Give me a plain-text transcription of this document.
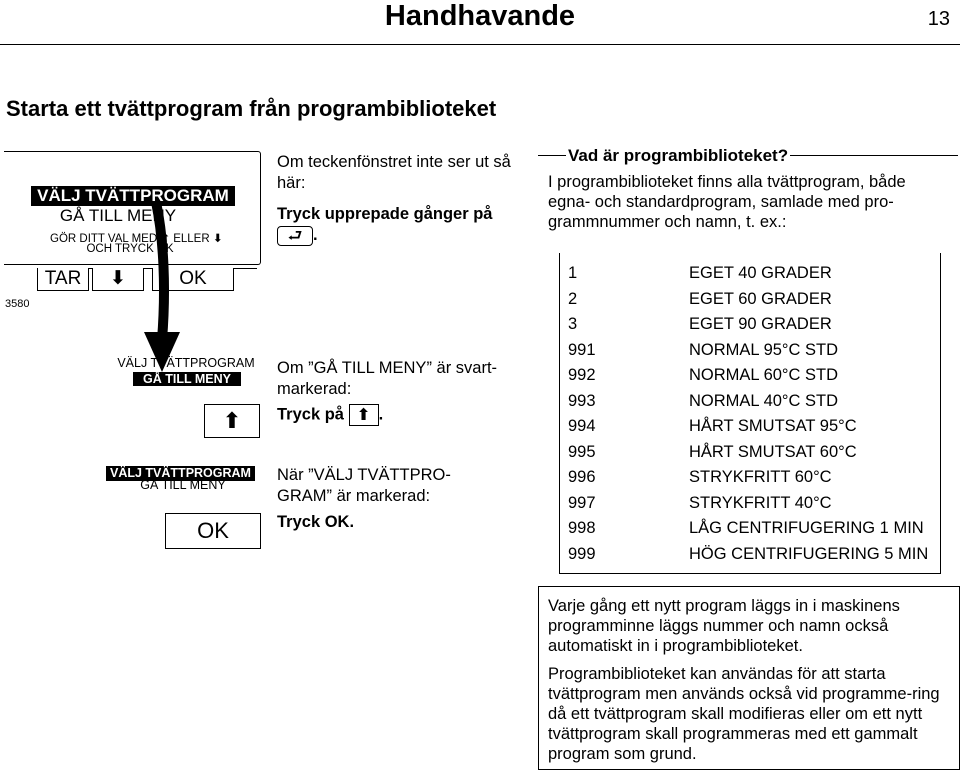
Handhavande	13
Starta ett tvättprogram från programbiblioteket
VÄLJ TVÄTTPROGRAM
GÅ TILL MENY
GÖR DITT VAL MED ⬆ ELLER ⬇
OCH TRYCK OK
3580
TAR	⬇	OK
VÄLJ TVÄTTPROGRAM
GÅ TILL MENY
⬆
VÄLJ TVÄTTPROGRAM
GÅ TILL MENY
OK
Om teckenfönstret inte ser ut så här:
Tryck upprepade gånger på ⮐ .
Om ”GÅ TILL MENY” är svart-markerad:
Tryck på ⬆ .
När ”VÄLJ TVÄTTPRO-GRAM” är markerad:
Tryck OK.
Vad är programbiblioteket?
I programbiblioteket finns alla tvättprogram, både egna- och standardprogram, samlade med pro-grammnummer och namn, t. ex.:
1	EGET 40 GRADER
2	EGET 60 GRADER
3	EGET 90 GRADER
991	NORMAL 95°C STD
992	NORMAL 60°C STD
993	NORMAL 40°C STD
994	HÅRT SMUTSAT 95°C
995	HÅRT SMUTSAT 60°C
996	STRYKFRITT 60°C
997	STRYKFRITT 40°C
998	LÅG CENTRIFUGERING 1 MIN
999	HÖG CENTRIFUGERING 5 MIN

Varje gång ett nytt program läggs in i maskinens programminne läggs nummer och namn också automatiskt in i programbiblioteket.

Programbiblioteket kan användas för att starta tvättprogram men används också vid programme-ring då ett tvättprogram skall modifieras eller om ett nytt tvättprogram skall programmeras med ett gammalt program som grund.
